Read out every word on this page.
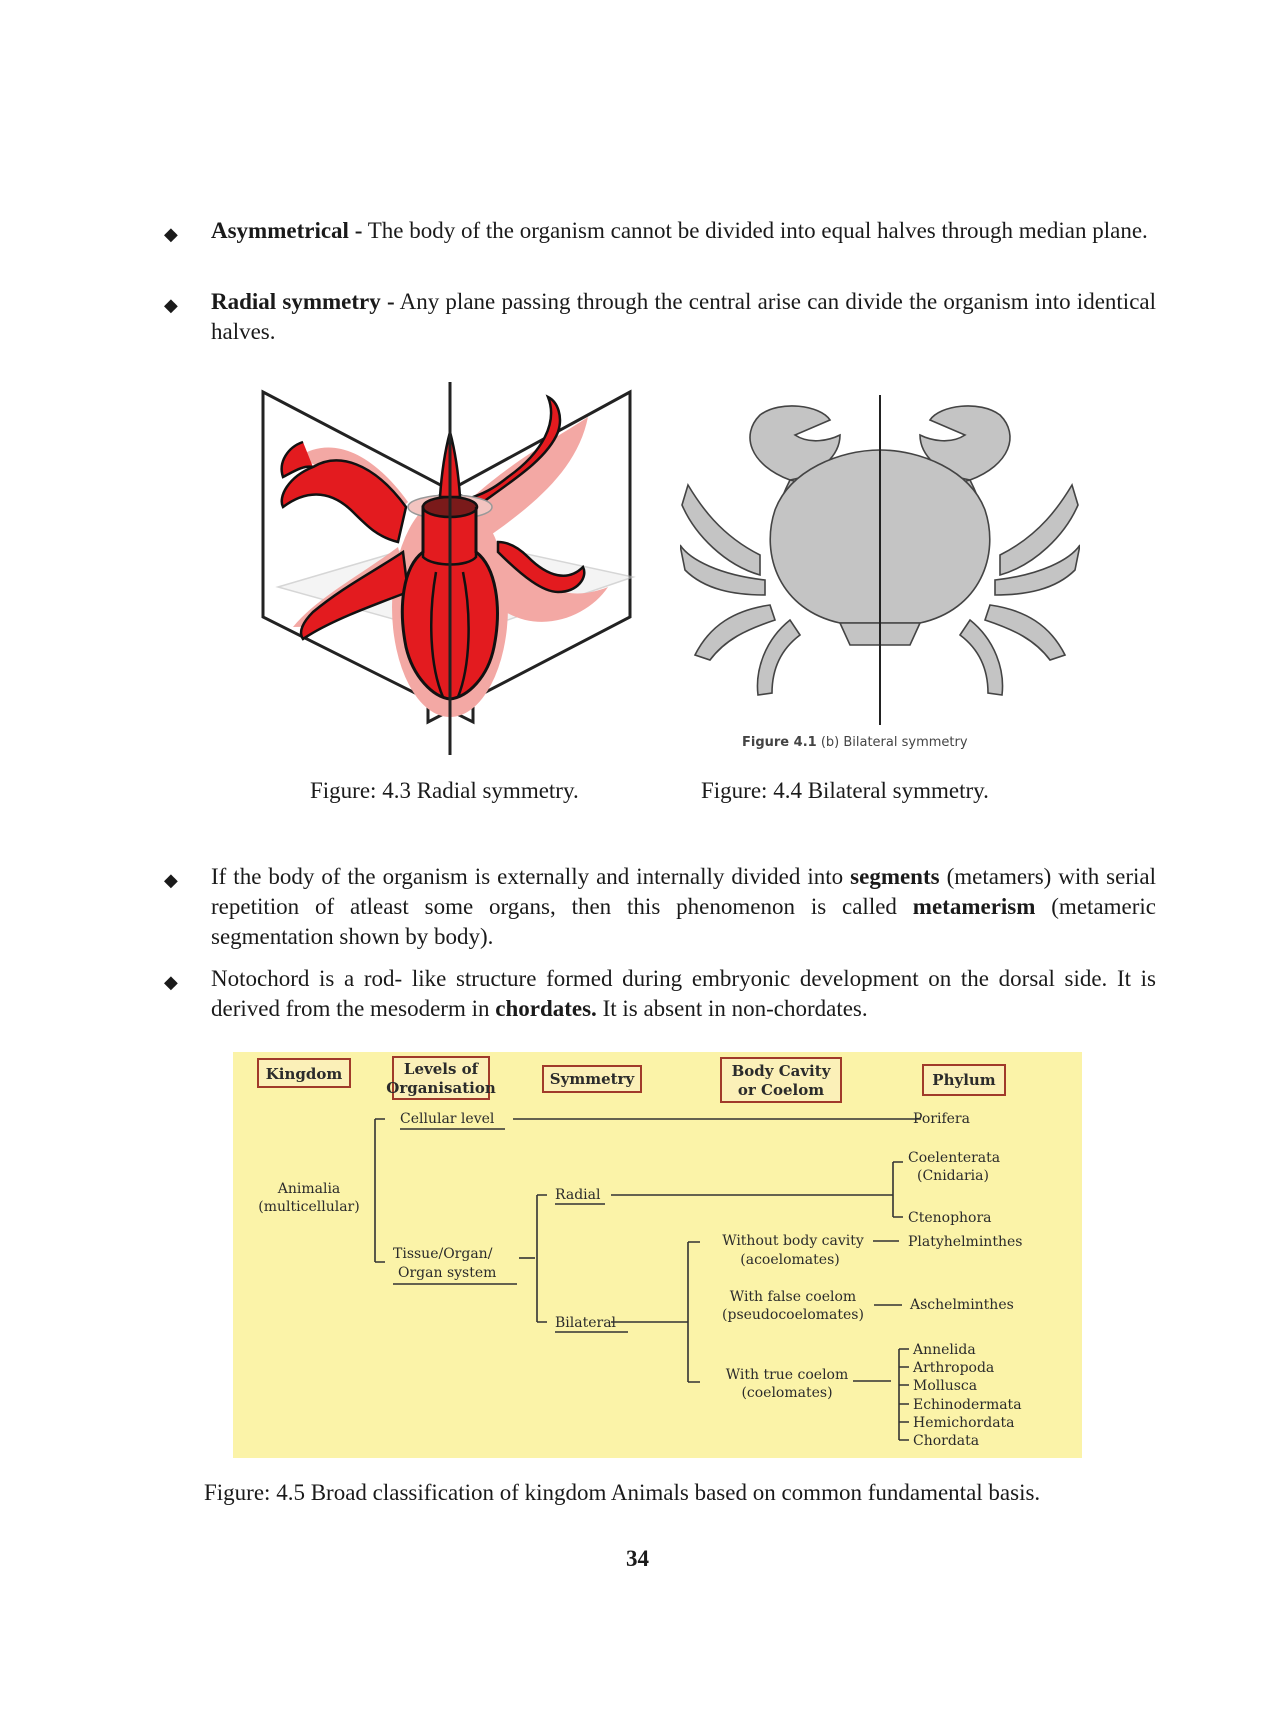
◆ Asymmetrical - The body of the organism cannot be divided into equal halves through median plane.
◆ Radial symmetry - Any plane passing through the central arise can divide the organism into identical halves.
Figure 4.1 (b) Bilateral symmetry
Figure: 4.3 Radial symmetry.	Figure: 4.4 Bilateral symmetry.
◆ If the body of the organism is externally and internally divided into segments (metamers) with serial repetition of atleast some organs, then this phenomenon is called metamerism (metameric segmentation shown by body).
◆ Notochord is a rod- like structure formed during embryonic development on the dorsal side. It is derived from the mesoderm in chordates. It is absent in non-chordates.
Kingdom	Levels of
Organisation	Symmetry	Body Cavity
or Coelom
Phylum
Animalia
(multicellular)
Cellular level
Tissue/Organ/
Organ system
Radial
Bilateral
Coelenterata
(Cnidaria)
Ctenophora
Porifera
Without body cavity
(acoelomates)
Platyhelminthes
With false coelom
(pseudocoelomates)
Aschelminthes
With true coelom
(coelomates)
Annelida
Arthropoda
Mollusca
Echinodermata
Hemichordata
Chordata
Figure: 4.5 Broad classification of kingdom Animals based on common fundamental basis.
34
